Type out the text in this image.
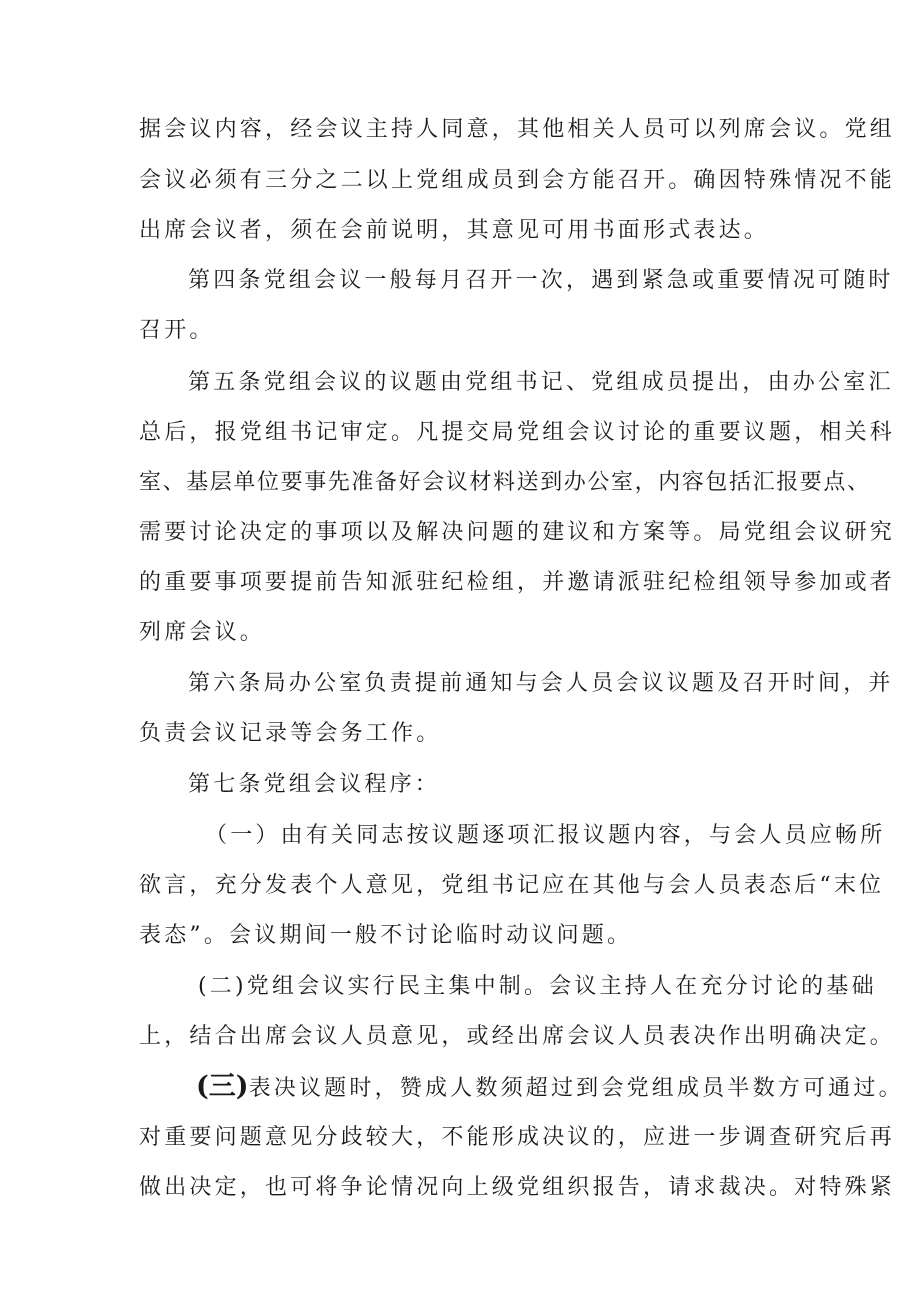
据会议内容，经会议主持人同意，其他相关人员可以列席会议。党组

会议必须有三分之二以上党组成员到会方能召开。确因特殊情况不能

出席会议者，须在会前说明，其意见可用书面形式表达。

第四条党组会议一般每月召开一次，遇到紧急或重要情况可随时

召开。

第五条党组会议的议题由党组书记、党组成员提出，由办公室汇

总后，报党组书记审定。凡提交局党组会议讨论的重要议题，相关科

室、基层单位要事先准备好会议材料送到办公室，内容包括汇报要点、

需要讨论决定的事项以及解决问题的建议和方案等。局党组会议研究

的重要事项要提前告知派驻纪检组，并邀请派驻纪检组领导参加或者

列席会议。

第六条局办公室负责提前通知与会人员会议议题及召开时间，并

负责会议记录等会务工作。

第七条党组会议程序：

（一）由有关同志按议题逐项汇报议题内容，与会人员应畅所

欲言，充分发表个人意见，党组书记应在其他与会人员表态后“末位

表态”。会议期间一般不讨论临时动议问题。

(二)党组会议实行民主集中制。会议主持人在充分讨论的基础

上，结合出席会议人员意见，或经出席会议人员表决作出明确决定。

(三)表决议题时，赞成人数须超过到会党组成员半数方可通过。

对重要问题意见分歧较大，不能形成决议的，应进一步调查研究后再

做出决定，也可将争论情况向上级党组织报告，请求裁决。对特殊紧
